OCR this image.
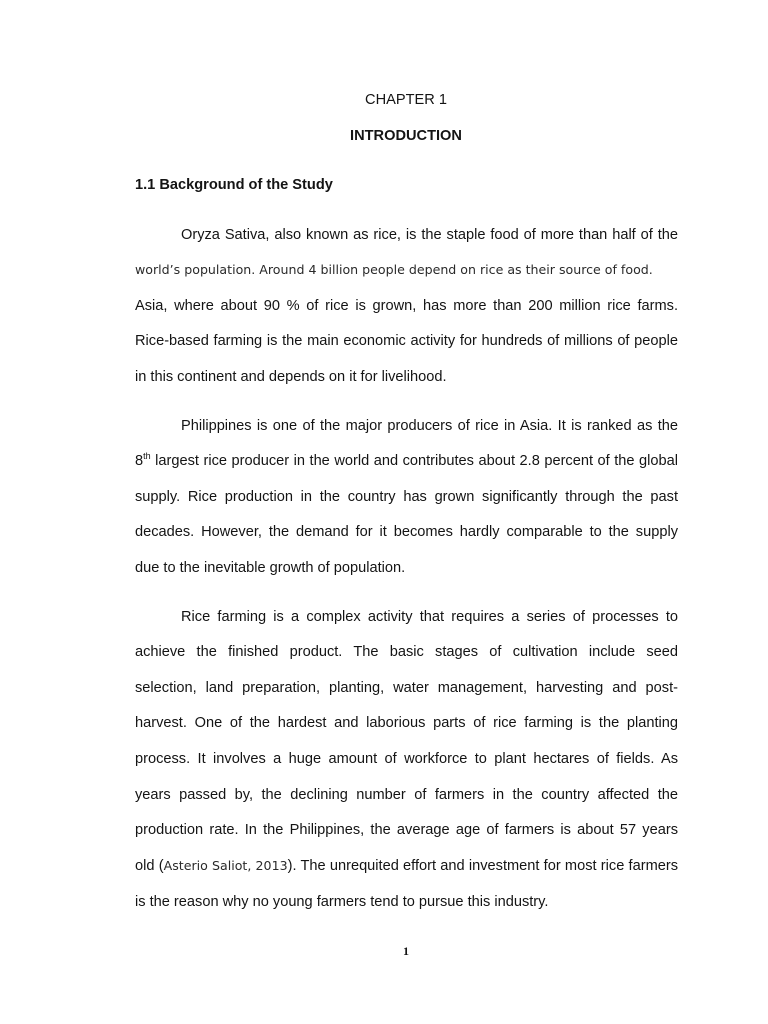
CHAPTER 1
INTRODUCTION
1.1 Background of the Study
Oryza Sativa, also known as rice, is the staple food of more than half of the
world’s population. Around 4 billion people depend on rice as their source of food.
Asia, where about 90 % of rice is grown, has more than 200 million rice farms.
Rice-based farming is the main economic activity for hundreds of millions of people
in this continent and depends on it for livelihood.
Philippines is one of the major producers of rice in Asia. It is ranked as the
8th largest rice producer in the world and contributes about 2.8 percent of the global
supply. Rice production in the country has grown significantly through the past
decades. However, the demand for it becomes hardly comparable to the supply
due to the inevitable growth of population.
Rice farming is a complex activity that requires a series of processes to
achieve the finished product. The basic stages of cultivation include seed
selection, land preparation, planting, water management, harvesting and post-
harvest. One of the hardest and laborious parts of rice farming is the planting
process. It involves a huge amount of workforce to plant hectares of fields. As
years passed by, the declining number of farmers in the country affected the
production rate. In the Philippines, the average age of farmers is about 57 years
old (Asterio Saliot, 2013). The unrequited effort and investment for most rice farmers
is the reason why no young farmers tend to pursue this industry.
1
